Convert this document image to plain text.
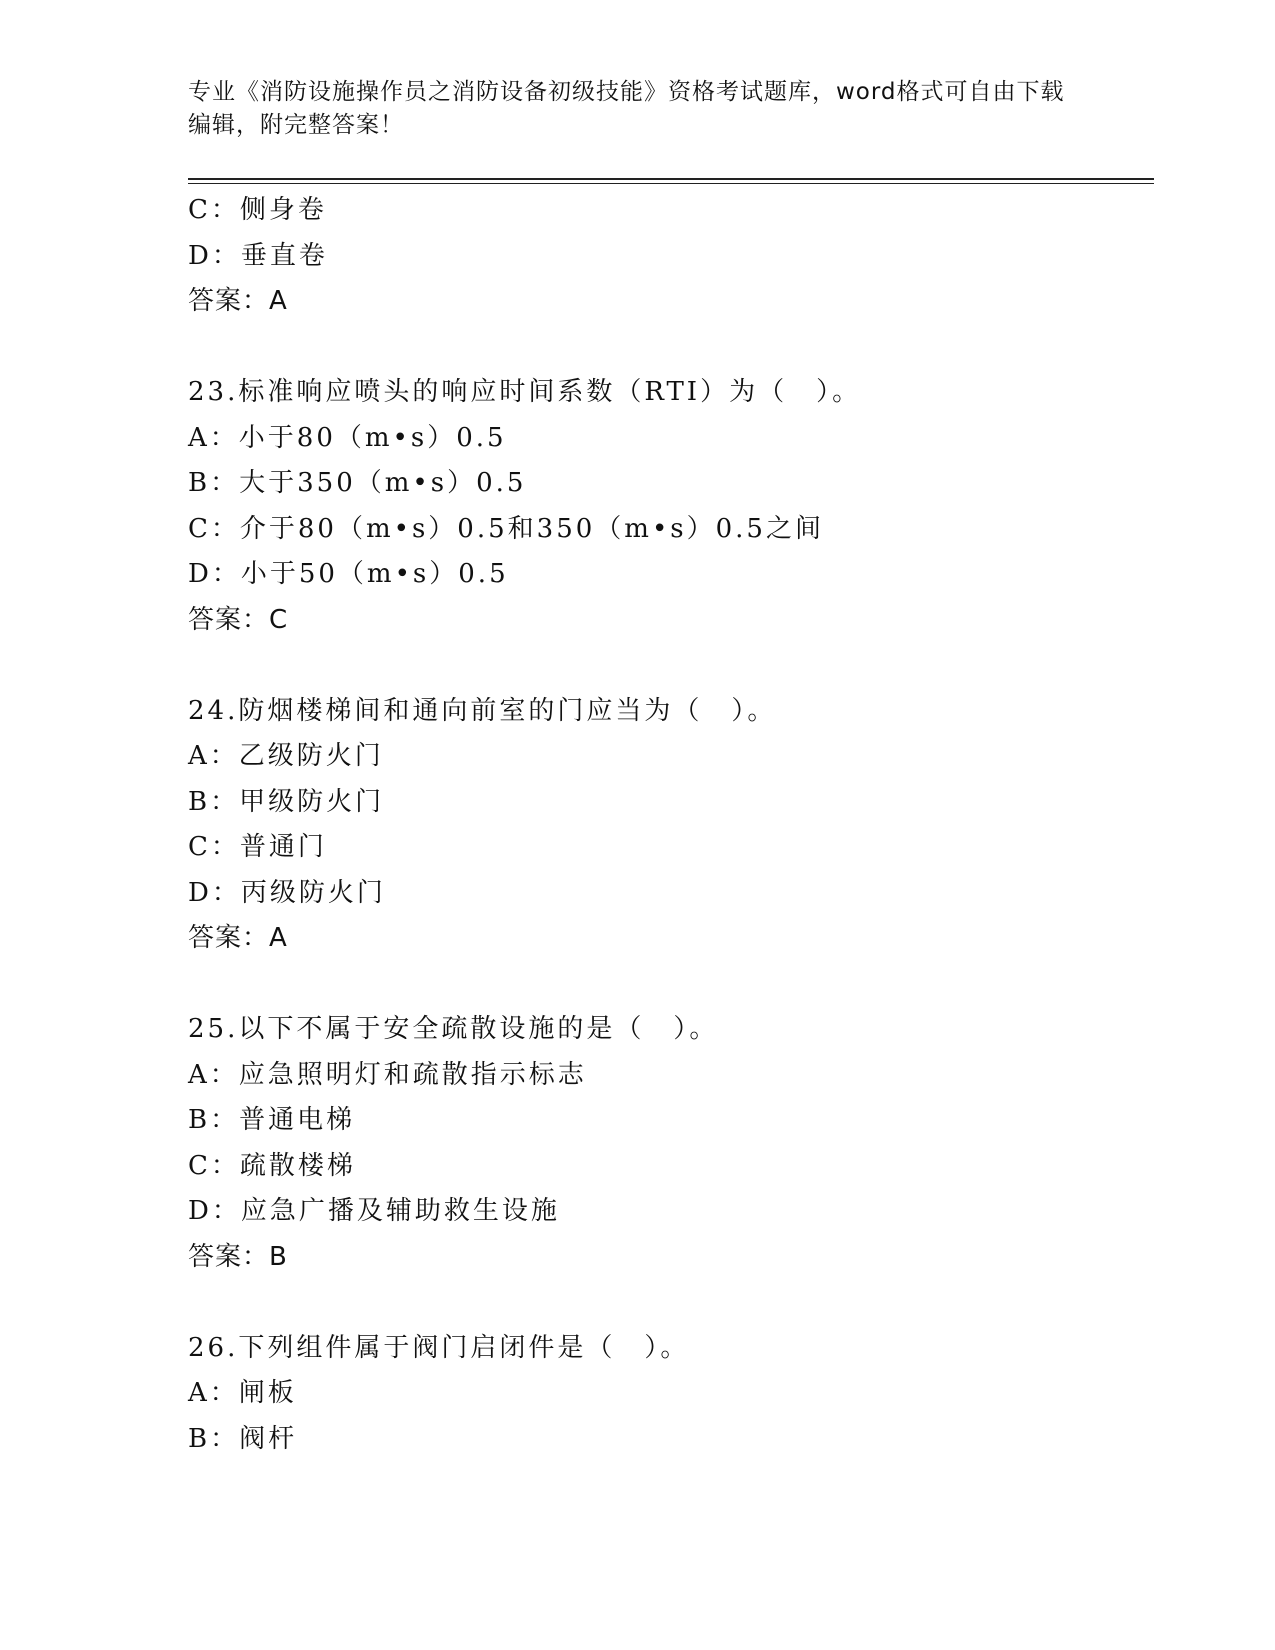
专业《消防设施操作员之消防设备初级技能》资格考试题库，word格式可自由下载编辑，附完整答案！
C：侧身卷
D：垂直卷
答案：A
23.标准响应喷头的响应时间系数（RTI）为（　）。
A：小于80（m•s）0.5
B：大于350（m•s）0.5
C：介于80（m•s）0.5和350（m•s）0.5之间
D：小于50（m•s）0.5
答案：C
24.防烟楼梯间和通向前室的门应当为（　）。
A：乙级防火门
B：甲级防火门
C：普通门
D：丙级防火门
答案：A
25.以下不属于安全疏散设施的是（　）。
A：应急照明灯和疏散指示标志
B：普通电梯
C：疏散楼梯
D：应急广播及辅助救生设施
答案：B
26.下列组件属于阀门启闭件是（　）。
A：闸板
B：阀杆
